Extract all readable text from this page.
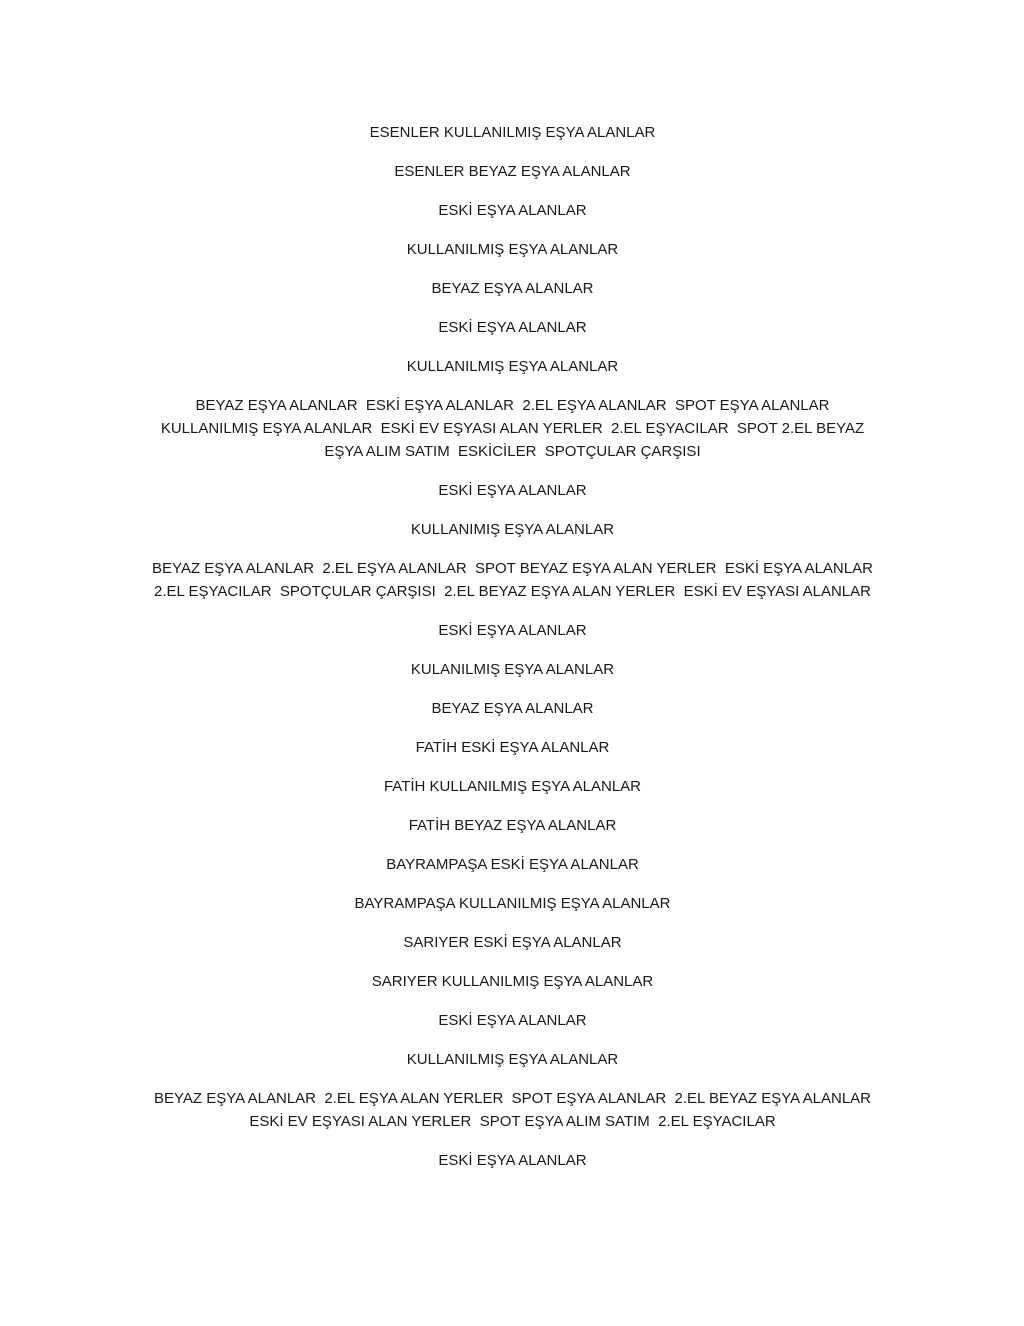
ESENLER KULLANILMIŞ EŞYA ALANLAR

ESENLER BEYAZ EŞYA ALANLAR

ESKİ EŞYA ALANLAR

KULLANILMIŞ EŞYA ALANLAR

BEYAZ EŞYA ALANLAR

ESKİ EŞYA ALANLAR

KULLANILMIŞ EŞYA ALANLAR

BEYAZ EŞYA ALANLAR  ESKİ EŞYA ALANLAR  2.EL EŞYA ALANLAR  SPOT EŞYA ALANLAR
KULLANILMIŞ EŞYA ALANLAR  ESKİ EV EŞYASI ALAN YERLER  2.EL EŞYACILAR  SPOT 2.EL BEYAZ
EŞYA ALIM SATIM  ESKİCİLER  SPOTÇULAR ÇARŞISI

ESKİ EŞYA ALANLAR

KULLANIMIŞ EŞYA ALANLAR

BEYAZ EŞYA ALANLAR  2.EL EŞYA ALANLAR  SPOT BEYAZ EŞYA ALAN YERLER  ESKİ EŞYA ALANLAR
2.EL EŞYACILAR  SPOTÇULAR ÇARŞISI  2.EL BEYAZ EŞYA ALAN YERLER  ESKİ EV EŞYASI ALANLAR

ESKİ EŞYA ALANLAR

KULANILMIŞ EŞYA ALANLAR

BEYAZ EŞYA ALANLAR

FATİH ESKİ EŞYA ALANLAR

FATİH KULLANILMIŞ EŞYA ALANLAR

FATİH BEYAZ EŞYA ALANLAR

BAYRAMPAŞA ESKİ EŞYA ALANLAR

BAYRAMPAŞA KULLANILMIŞ EŞYA ALANLAR

SARIYER ESKİ EŞYA ALANLAR

SARIYER KULLANILMIŞ EŞYA ALANLAR

ESKİ EŞYA ALANLAR

KULLANILMIŞ EŞYA ALANLAR

BEYAZ EŞYA ALANLAR  2.EL EŞYA ALAN YERLER  SPOT EŞYA ALANLAR  2.EL BEYAZ EŞYA ALANLAR
ESKİ EV EŞYASI ALAN YERLER  SPOT EŞYA ALIM SATIM  2.EL EŞYACILAR

ESKİ EŞYA ALANLAR
